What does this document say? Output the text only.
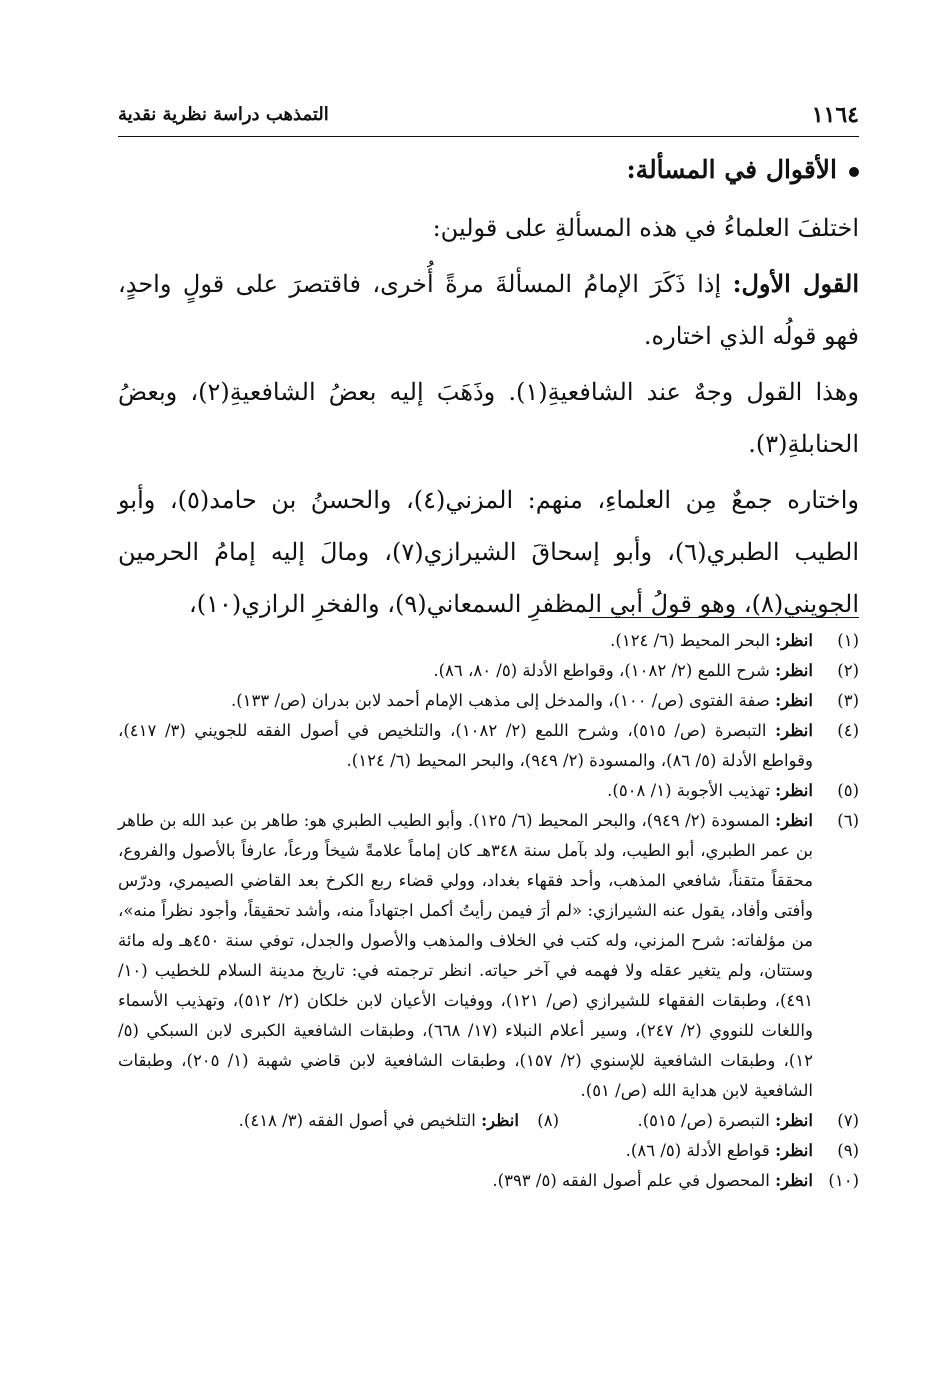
١١٦٤
التمذهب دراسة نظرية نقدية
الأقوال في المسألة:

اختلفَ العلماءُ في هذه المسألةِ على قولين:

القول الأول: إذا ذَكَرَ الإمامُ المسألةَ مرةً أُخرى، فاقتصرَ على قولٍ واحدٍ، فهو قولُه الذي اختاره.

وهذا القول وجهٌ عند الشافعيةِ(١). وذَهَبَ إليه بعضُ الشافعيةِ(٢)، وبعضُ الحنابلةِ(٣).

واختاره جمعٌ مِن العلماءِ، منهم: المزني(٤)، والحسنُ بن حامد(٥)، وأبو الطيب الطبري(٦)، وأبو إسحاقَ الشيرازي(٧)، ومالَ إليه إمامُ الحرمين الجويني(٨)، وهو قولُ أبي المظفرِ السمعاني(٩)، والفخرِ الرازي(١٠)،

(١)
انظر: البحر المحيط (٦/ ١٢٤).
(٢)
انظر: شرح اللمع (٢/ ١٠٨٢)، وقواطع الأدلة (٥/ ٨٠، ٨٦).
(٣)
انظر: صفة الفتوى (ص/ ١٠٠)، والمدخل إلى مذهب الإمام أحمد لابن بدران (ص/ ١٣٣).
(٤)
انظر: التبصرة (ص/ ٥١٥)، وشرح اللمع (٢/ ١٠٨٢)، والتلخيص في أصول الفقه للجويني (٣/ ٤١٧)، وقواطع الأدلة (٥/ ٨٦)، والمسودة (٢/ ٩٤٩)، والبحر المحيط (٦/ ١٢٤).
(٥)
انظر: تهذيب الأجوبة (١/ ٥٠٨).
(٦)
انظر: المسودة (٢/ ٩٤٩)، والبحر المحيط (٦/ ١٢٥). وأبو الطيب الطبري هو: طاهر بن عبد الله بن طاهر بن عمر الطبري، أبو الطيب، ولد بآمل سنة ٣٤٨هـ كان إماماً علامةً شيخاً ورعاً، عارفاً بالأصول والفروع، محققاً متقناً، شافعي المذهب، وأحد فقهاء بغداد، وولي قضاء ربع الكرخ بعد القاضي الصيمري، ودرّس وأفتى وأفاد، يقول عنه الشيرازي: «لم أرَ فيمن رأيتُ أكمل اجتهاداً منه، وأشد تحقيقاً، وأجود نظراً منه»، من مؤلفاته: شرح المزني، وله كتب في الخلاف والمذهب والأصول والجدل، توفي سنة ٤٥٠هـ وله مائة وستتان، ولم يتغير عقله ولا فهمه في آخر حياته. انظر ترجمته في: تاريخ مدينة السلام للخطيب (١٠/ ٤٩١)، وطبقات الفقهاء للشيرازي (ص/ ١٢١)، ووفيات الأعيان لابن خلكان (٢/ ٥١٢)، وتهذيب الأسماء واللغات للنووي (٢/ ٢٤٧)، وسير أعلام النبلاء (١٧/ ٦٦٨)، وطبقات الشافعية الكبرى لابن السبكي (٥/ ١٢)، وطبقات الشافعية للإسنوي (٢/ ١٥٧)، وطبقات الشافعية لابن قاضي شهبة (١/ ٢٠٥)، وطبقات الشافعية لابن هداية الله (ص/ ٥١).
(٧)
انظر: التبصرة (ص/ ٥١٥).
(٨)
انظر: التلخيص في أصول الفقه (٣/ ٤١٨).
(٩)
انظر: قواطع الأدلة (٥/ ٨٦).
(١٠)
انظر: المحصول في علم أصول الفقه (٥/ ٣٩٣).
